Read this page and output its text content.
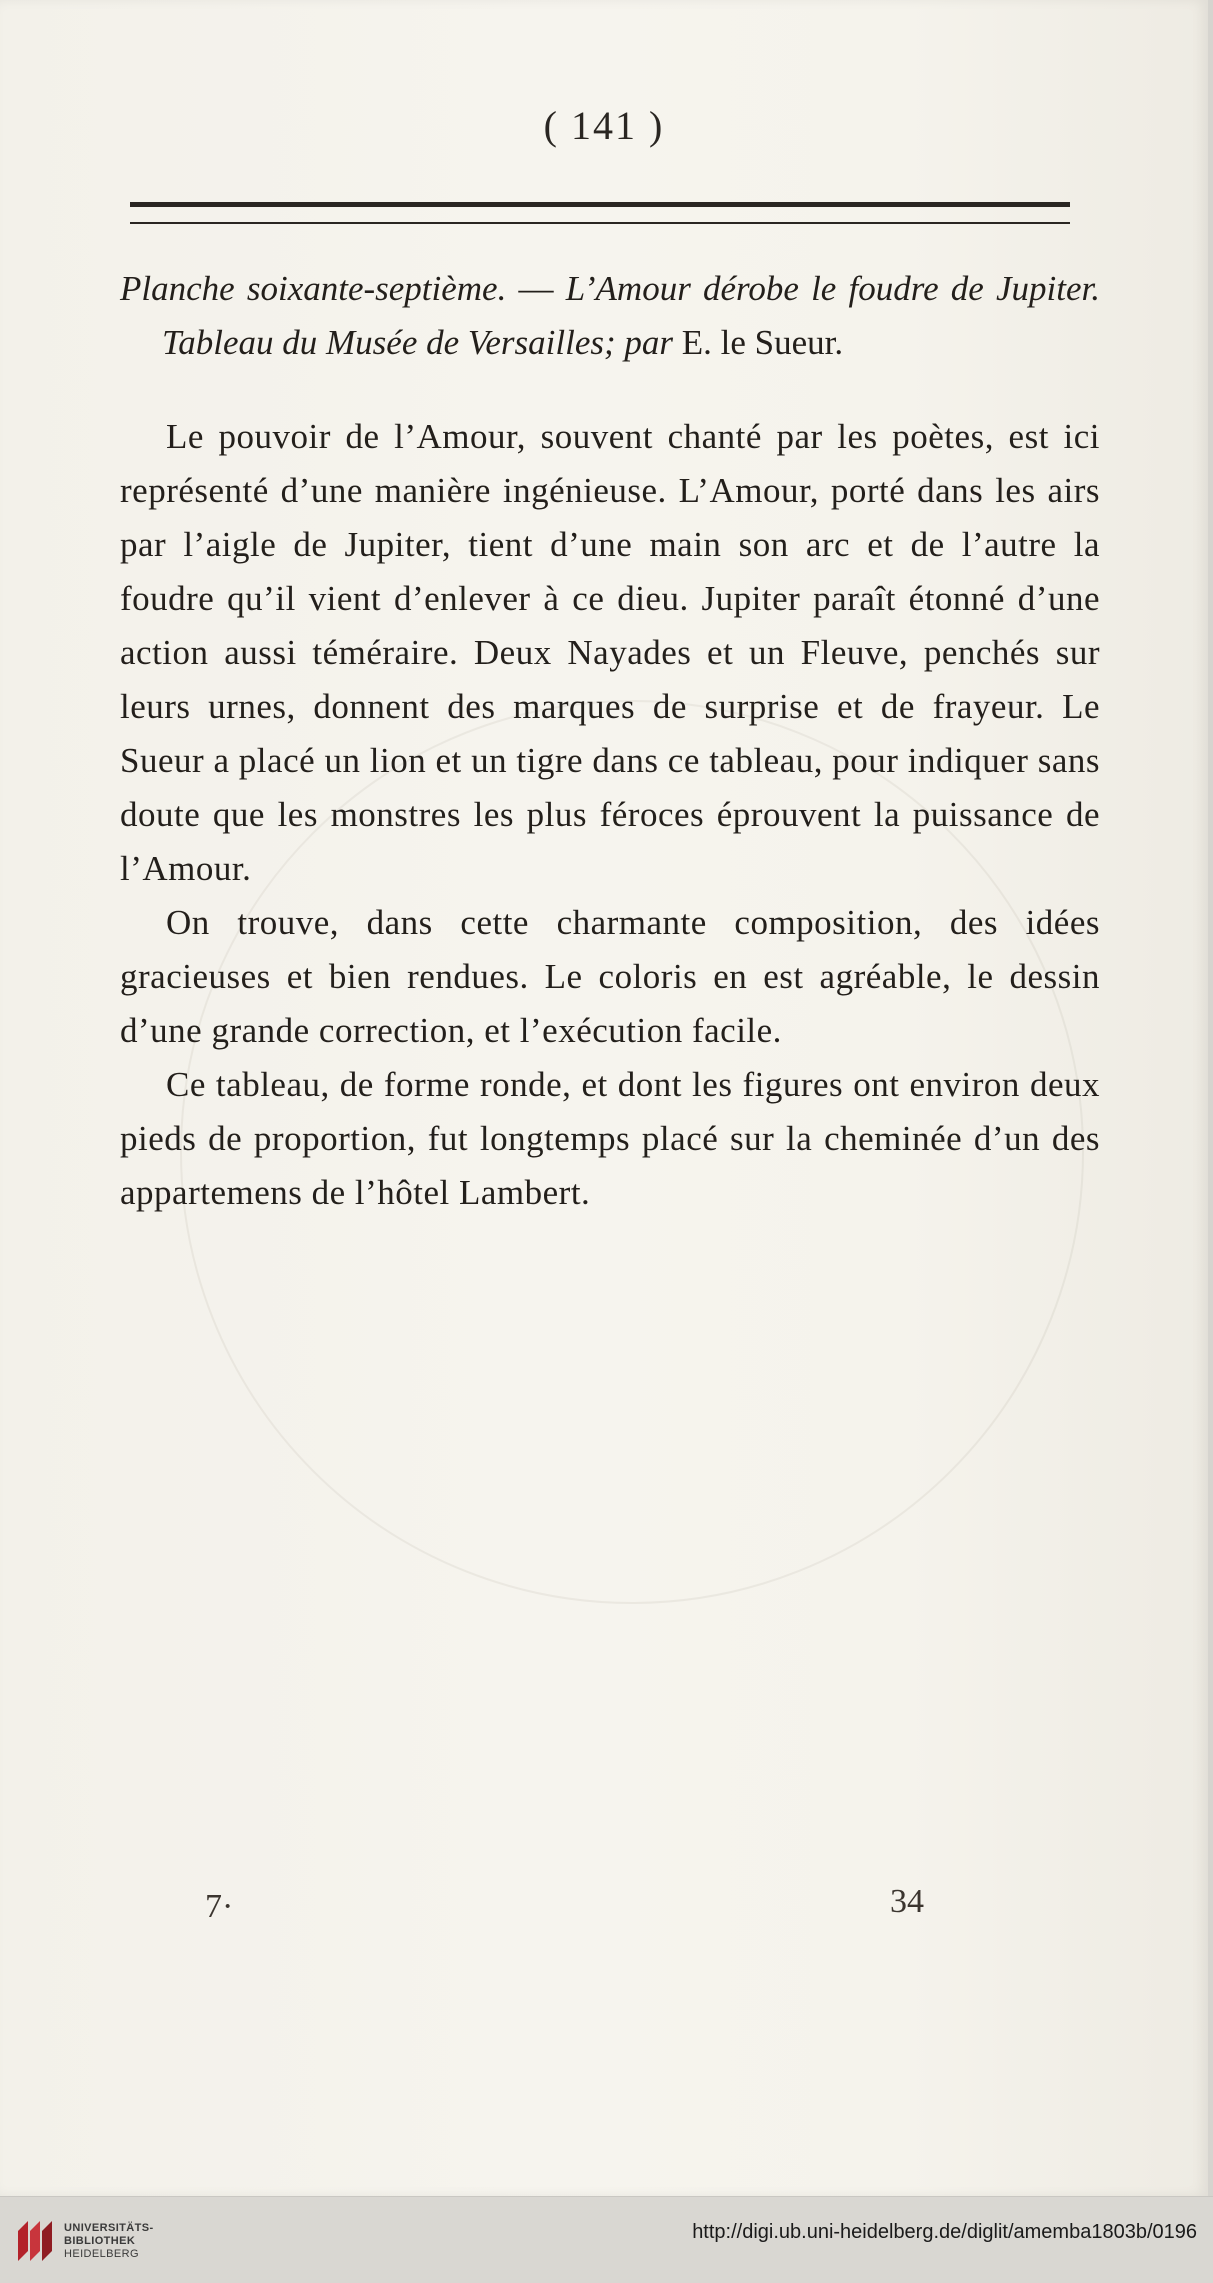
( 141 )

Planche soixante-septième. — L’Amour dérobe le foudre de Jupiter. Tableau du Musée de Versailles; par E. le Sueur.

Le pouvoir de l’Amour, souvent chanté par les poètes, est ici représenté d’une manière ingénieuse. L’Amour, porté dans les airs par l’aigle de Jupiter, tient d’une main son arc et de l’autre la foudre qu’il vient d’enlever à ce dieu. Jupiter paraît étonné d’une action aussi téméraire. Deux Nayades et un Fleuve, penchés sur leurs urnes, donnent des marques de surprise et de frayeur. Le Sueur a placé un lion et un tigre dans ce tableau, pour indiquer sans doute que les monstres les plus féroces éprouvent la puissance de l’Amour.

On trouve, dans cette charmante composition, des idées gracieuses et bien rendues. Le coloris en est agréable, le dessin d’une grande correction, et l’exécution facile.

Ce tableau, de forme ronde, et dont les figures ont environ deux pieds de proportion, fut longtemps placé sur la cheminée d’un des appartemens de l’hôtel Lambert.

7·	34
UNIVERSITÄTS-
BIBLIOTHEK
HEIDELBERG
http://digi.ub.uni-heidelberg.de/diglit/amemba1803b/0196
